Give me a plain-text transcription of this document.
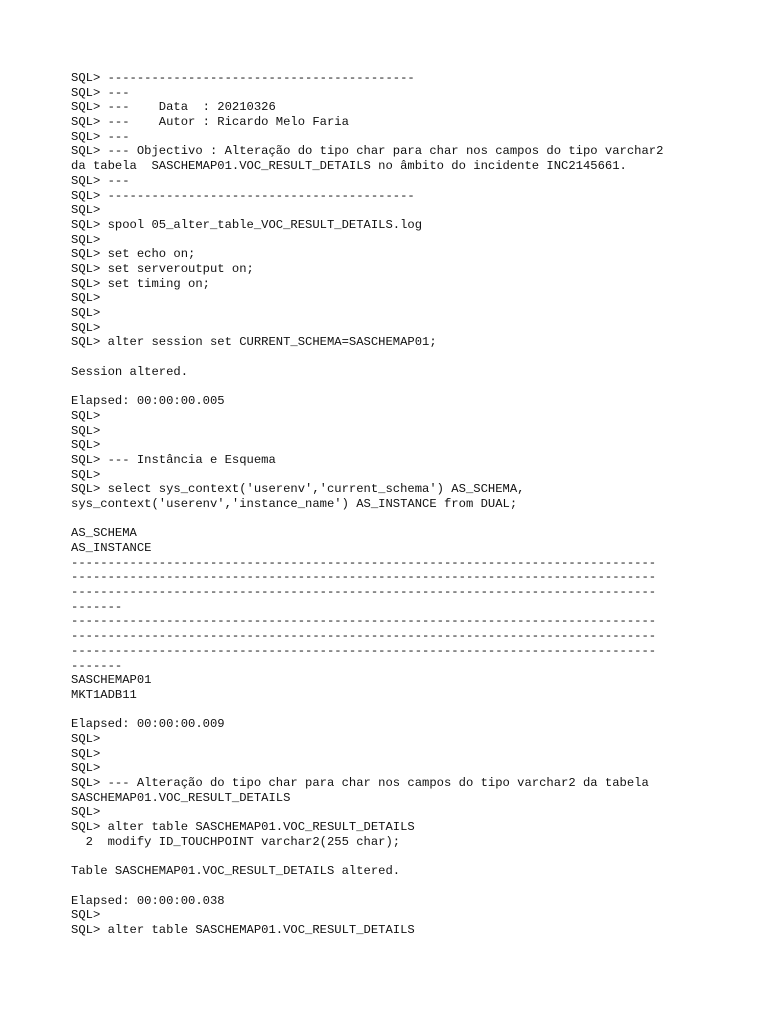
SQL> ------------------------------------------
SQL> ---
SQL> ---    Data  : 20210326
SQL> ---    Autor : Ricardo Melo Faria
SQL> ---
SQL> --- Objectivo : Alteração do tipo char para char nos campos do tipo varchar2
da tabela  SASCHEMAP01.VOC_RESULT_DETAILS no âmbito do incidente INC2145661.
SQL> ---
SQL> ------------------------------------------
SQL>
SQL> spool 05_alter_table_VOC_RESULT_DETAILS.log
SQL>
SQL> set echo on;
SQL> set serveroutput on;
SQL> set timing on;
SQL>
SQL>
SQL>
SQL> alter session set CURRENT_SCHEMA=SASCHEMAP01;
Session altered.
Elapsed: 00:00:00.005
SQL>
SQL>
SQL>
SQL> --- Instância e Esquema
SQL>
SQL> select sys_context('userenv','current_schema') AS_SCHEMA,
sys_context('userenv','instance_name') AS_INSTANCE from DUAL;
AS_SCHEMA
AS_INSTANCE
--------------------------------------------------------------------------------
--------------------------------------------------------------------------------
--------------------------------------------------------------------------------
-------
--------------------------------------------------------------------------------
--------------------------------------------------------------------------------
--------------------------------------------------------------------------------
-------
SASCHEMAP01
MKT1ADB11
Elapsed: 00:00:00.009
SQL>
SQL>
SQL>
SQL> --- Alteração do tipo char para char nos campos do tipo varchar2 da tabela
SASCHEMAP01.VOC_RESULT_DETAILS
SQL>
SQL> alter table SASCHEMAP01.VOC_RESULT_DETAILS
2  modify ID_TOUCHPOINT varchar2(255 char);
Table SASCHEMAP01.VOC_RESULT_DETAILS altered.
Elapsed: 00:00:00.038
SQL>
SQL> alter table SASCHEMAP01.VOC_RESULT_DETAILS
